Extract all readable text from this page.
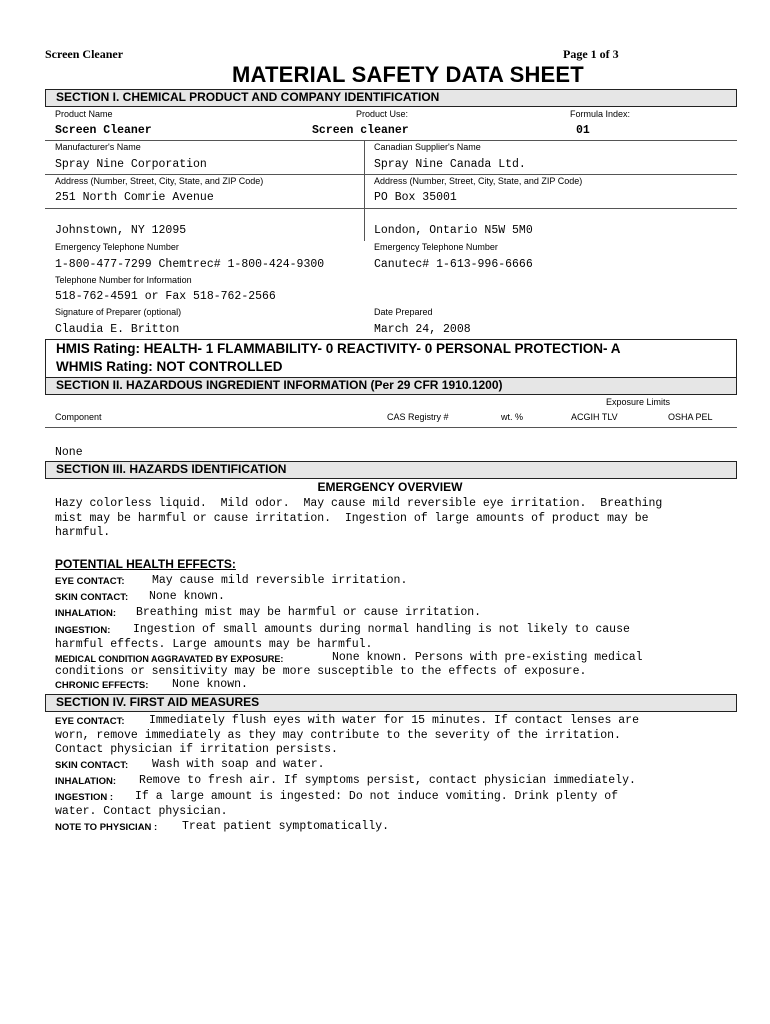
Screen Cleaner	Page 1 of 3
MATERIAL SAFETY DATA SHEET
SECTION I. CHEMICAL PRODUCT AND COMPANY IDENTIFICATION
Product Name	Product Use:	Formula Index:
Screen Cleaner	Screen cleaner	01
Manufacturer's Name	Canadian Supplier's Name
Spray Nine Corporation	Spray Nine Canada Ltd.
Address (Number, Street, City, State, and ZIP Code)	Address (Number, Street, City, State, and ZIP Code)
251 North Comrie Avenue	PO Box 35001
Johnstown, NY 12095	London, Ontario N5W 5M0
Emergency Telephone Number	Emergency Telephone Number
1-800-477-7299 Chemtrec# 1-800-424-9300	Canutec# 1-613-996-6666
Telephone Number for Information
518-762-4591 or Fax 518-762-2566
Signature of Preparer (optional)	Date Prepared
Claudia E. Britton	March 24, 2008
HMIS Rating: HEALTH- 1 FLAMMABILITY- 0 REACTIVITY- 0 PERSONAL PROTECTION- A
WHMIS Rating: NOT CONTROLLED
SECTION II. HAZARDOUS INGREDIENT INFORMATION (Per 29 CFR 1910.1200)
Exposure Limits
Component	CAS Registry #	wt. %	ACGIH TLV	OSHA PEL
None
SECTION III. HAZARDS IDENTIFICATION
EMERGENCY OVERVIEW
Hazy colorless liquid.  Mild odor.  May cause mild reversible eye irritation.  Breathing
mist may be harmful or cause irritation.  Ingestion of large amounts of product may be
harmful.
POTENTIAL HEALTH EFFECTS:
EYE CONTACT: May cause mild reversible irritation.
SKIN CONTACT: None known.
INHALATION: Breathing mist may be harmful or cause irritation.
INGESTION: Ingestion of small amounts during normal handling is not likely to cause
harmful effects. Large amounts may be harmful.
MEDICAL CONDITION AGGRAVATED BY EXPOSURE:	None known. Persons with pre-existing medical
conditions or sensitivity may be more susceptible to the effects of exposure.
CHRONIC EFFECTS: None known.
SECTION IV. FIRST AID MEASURES
EYE CONTACT: Immediately flush eyes with water for 15 minutes. If contact lenses are
worn, remove immediately as they may contribute to the severity of the irritation.
Contact physician if irritation persists.
SKIN CONTACT: Wash with soap and water.
INHALATION: Remove to fresh air. If symptoms persist, contact physician immediately.
INGESTION : If a large amount is ingested: Do not induce vomiting. Drink plenty of
water. Contact physician.
NOTE TO PHYSICIAN : Treat patient symptomatically.
